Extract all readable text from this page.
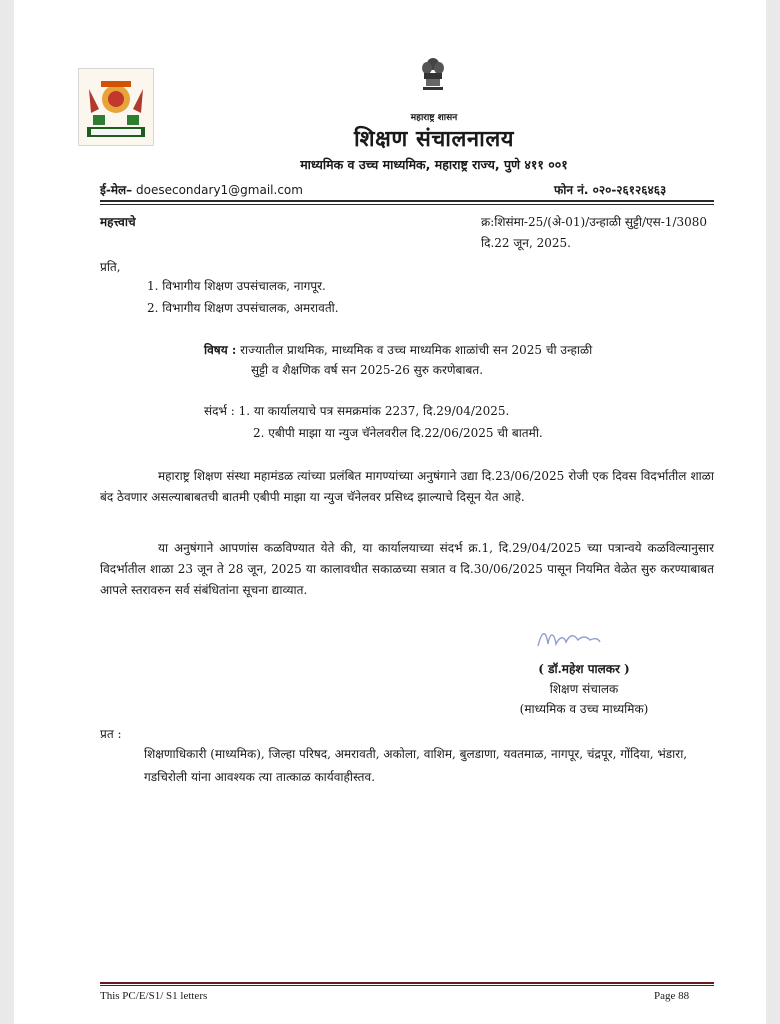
महाराष्ट्र शासन
शिक्षण संचालनालय
माध्यमिक व उच्च माध्यमिक, महाराष्ट्र राज्य, पुणे ४११ ००१
ई-मेल– doesecondary1@gmail.com	फोन नं. ०२०-२६१२६४६३
महत्त्वाचे	क्र:शिसंमा-25/(अे-01)/उन्हाळी सुट्टी/एस-1/3080
दि.22 जून, 2025.
प्रति,
1. विभागीय शिक्षण उपसंचालक, नागपूर.
2. विभागीय शिक्षण उपसंचालक, अमरावती.
विषय : राज्यातील प्राथमिक, माध्यमिक व उच्च माध्यमिक शाळांची सन 2025 ची उन्हाळी
सुट्टी व शैक्षणिक वर्ष सन 2025-26 सुरु करणेबाबत.
संदर्भ : 1. या कार्यालयाचे पत्र समक्रमांक 2237, दि.29/04/2025.
2. एबीपी माझा या न्युज चॅनेलवरील दि.22/06/2025 ची बातमी.
महाराष्ट्र शिक्षण संस्था महामंडळ त्यांच्या प्रलंबित मागण्यांच्या अनुषंगाने उद्या दि.23/06/2025 रोजी एक दिवस विदर्भातील शाळा बंद ठेवणार असल्याबाबतची बातमी एबीपी माझा या न्युज चॅनेलवर प्रसिध्द झाल्याचे दिसून येत आहे.
या अनुषंगाने आपणांस कळविण्यात येते की, या कार्यालयाच्या संदर्भ क्र.1, दि.29/04/2025 च्या पत्रान्वये कळविल्यानुसार विदर्भातील शाळा 23 जून ते 28 जून, 2025 या कालावधीत सकाळच्या सत्रात व दि.30/06/2025 पासून नियमित वेळेत सुरु करण्याबाबत आपले स्तरावरुन सर्व संबंधितांना सूचना द्याव्यात.
( डॉ.महेश पालकर )
शिक्षण संचालक
(माध्यमिक व उच्च माध्यमिक)
प्रत :
शिक्षणाधिकारी (माध्यमिक), जिल्हा परिषद, अमरावती, अकोला, वाशिम, बुलडाणा, यवतमाळ, नागपूर, चंद्रपूर, गोंदिया, भंडारा, गडचिरोली यांना आवश्यक त्या तात्काळ कार्यवाहीस्तव.
This PC/E/S1/ S1 letters	Page 88
